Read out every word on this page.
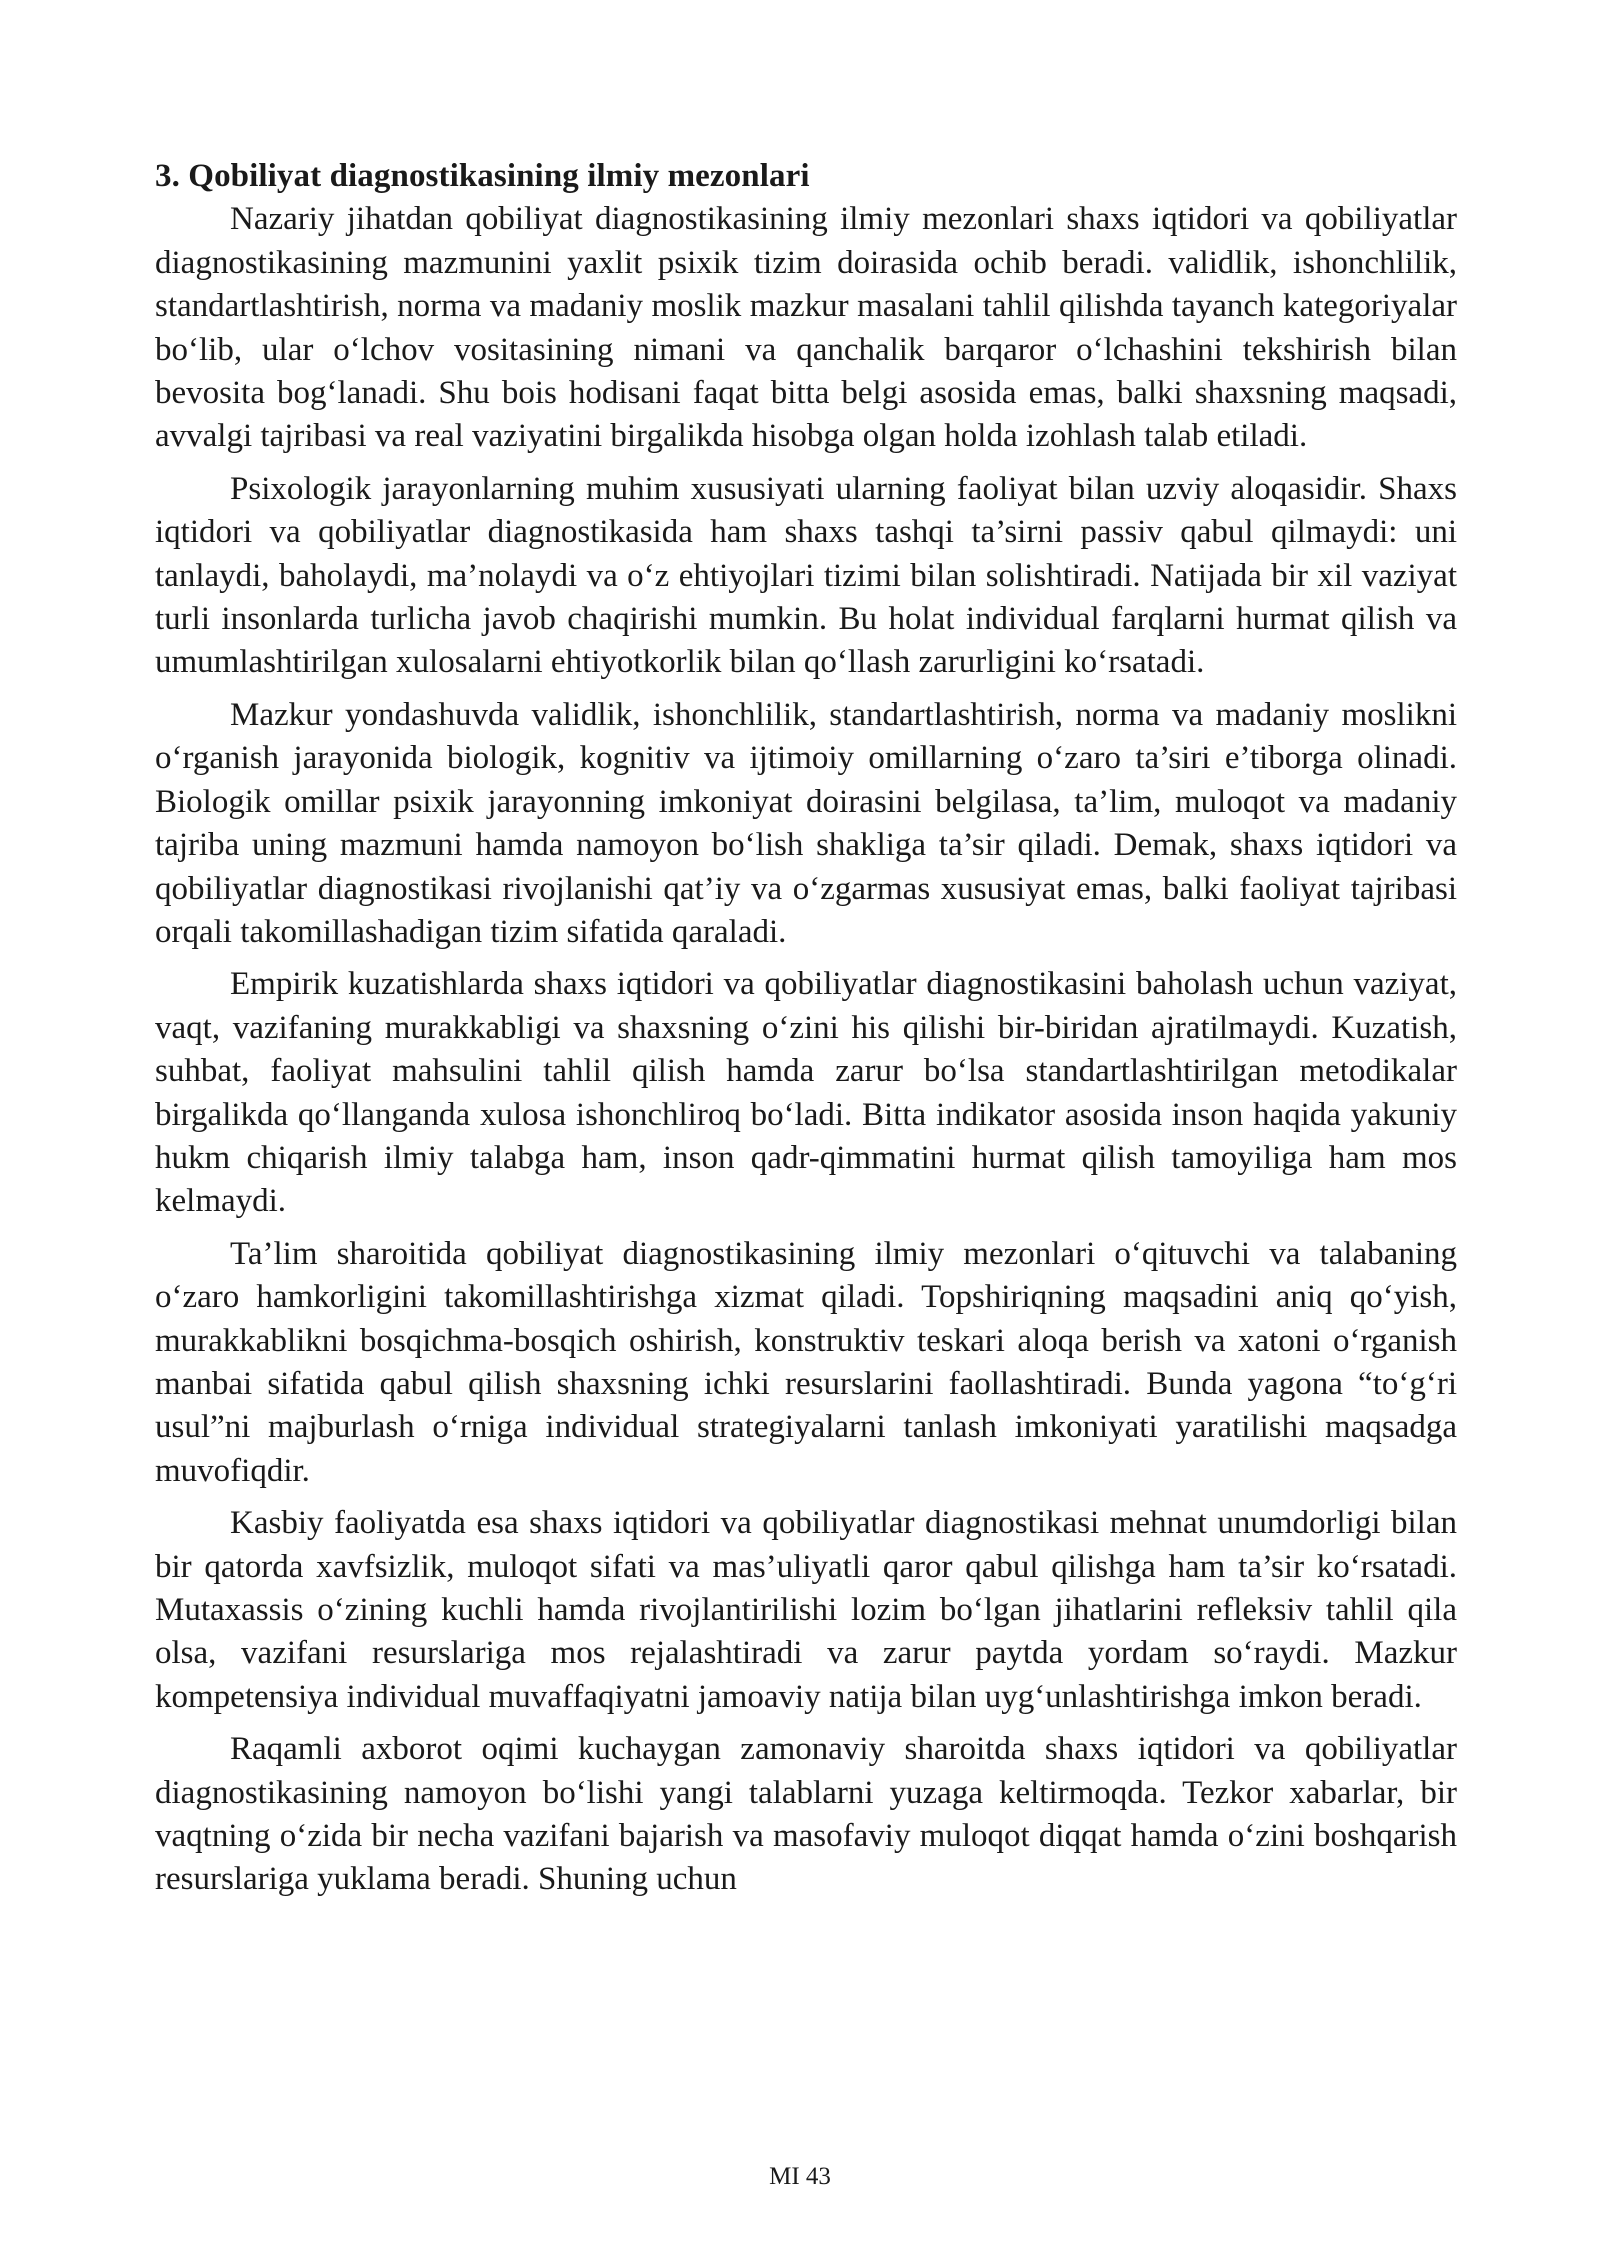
3. Qobiliyat diagnostikasining ilmiy mezonlari

Nazariy jihatdan qobiliyat diagnostikasining ilmiy mezonlari shaxs iqtidori va qobiliyatlar diagnostikasining mazmunini yaxlit psixik tizim doirasida ochib beradi. validlik, ishonchlilik, standartlashtirish, norma va madaniy moslik mazkur masalani tahlil qilishda tayanch kategoriyalar bo‘lib, ular o‘lchov vositasining nimani va qanchalik barqaror o‘lchashini tekshirish bilan bevosita bog‘lanadi. Shu bois hodisani faqat bitta belgi asosida emas, balki shaxsning maqsadi, avvalgi tajribasi va real vaziyatini birgalikda hisobga olgan holda izohlash talab etiladi.

Psixologik jarayonlarning muhim xususiyati ularning faoliyat bilan uzviy aloqasidir. Shaxs iqtidori va qobiliyatlar diagnostikasida ham shaxs tashqi ta’sirni passiv qabul qilmaydi: uni tanlaydi, baholaydi, ma’nolaydi va o‘z ehtiyojlari tizimi bilan solishtiradi. Natijada bir xil vaziyat turli insonlarda turlicha javob chaqirishi mumkin. Bu holat individual farqlarni hurmat qilish va umumlashtirilgan xulosalarni ehtiyotkorlik bilan qo‘llash zarurligini ko‘rsatadi.

Mazkur yondashuvda validlik, ishonchlilik, standartlashtirish, norma va madaniy moslikni o‘rganish jarayonida biologik, kognitiv va ijtimoiy omillarning o‘zaro ta’siri e’tiborga olinadi. Biologik omillar psixik jarayonning imkoniyat doirasini belgilasa, ta’lim, muloqot va madaniy tajriba uning mazmuni hamda namoyon bo‘lish shakliga ta’sir qiladi. Demak, shaxs iqtidori va qobiliyatlar diagnostikasi rivojlanishi qat’iy va o‘zgarmas xususiyat emas, balki faoliyat tajribasi orqali takomillashadigan tizim sifatida qaraladi.

Empirik kuzatishlarda shaxs iqtidori va qobiliyatlar diagnostikasini baholash uchun vaziyat, vaqt, vazifaning murakkabligi va shaxsning o‘zini his qilishi bir-biridan ajratilmaydi. Kuzatish, suhbat, faoliyat mahsulini tahlil qilish hamda zarur bo‘lsa standartlashtirilgan metodikalar birgalikda qo‘llanganda xulosa ishonchliroq bo‘ladi. Bitta indikator asosida inson haqida yakuniy hukm chiqarish ilmiy talabga ham, inson qadr-qimmatini hurmat qilish tamoyiliga ham mos kelmaydi.

Ta’lim sharoitida qobiliyat diagnostikasining ilmiy mezonlari o‘qituvchi va talabaning o‘zaro hamkorligini takomillashtirishga xizmat qiladi. Topshiriqning maqsadini aniq qo‘yish, murakkablikni bosqichma-bosqich oshirish, konstruktiv teskari aloqa berish va xatoni o‘rganish manbai sifatida qabul qilish shaxsning ichki resurslarini faollashtiradi. Bunda yagona “to‘g‘ri usul”ni majburlash o‘rniga individual strategiyalarni tanlash imkoniyati yaratilishi maqsadga muvofiqdir.

Kasbiy faoliyatda esa shaxs iqtidori va qobiliyatlar diagnostikasi mehnat unumdorligi bilan bir qatorda xavfsizlik, muloqot sifati va mas’uliyatli qaror qabul qilishga ham ta’sir ko‘rsatadi. Mutaxassis o‘zining kuchli hamda rivojlantirilishi lozim bo‘lgan jihatlarini refleksiv tahlil qila olsa, vazifani resurslariga mos rejalashtiradi va zarur paytda yordam so‘raydi. Mazkur kompetensiya individual muvaffaqiyatni jamoaviy natija bilan uyg‘unlashtirishga imkon beradi.

Raqamli axborot oqimi kuchaygan zamonaviy sharoitda shaxs iqtidori va qobiliyatlar diagnostikasining namoyon bo‘lishi yangi talablarni yuzaga keltirmoqda. Tezkor xabarlar, bir vaqtning o‘zida bir necha vazifani bajarish va masofaviy muloqot diqqat hamda o‘zini boshqarish resurslariga yuklama beradi. Shuning uchun

MI 43
